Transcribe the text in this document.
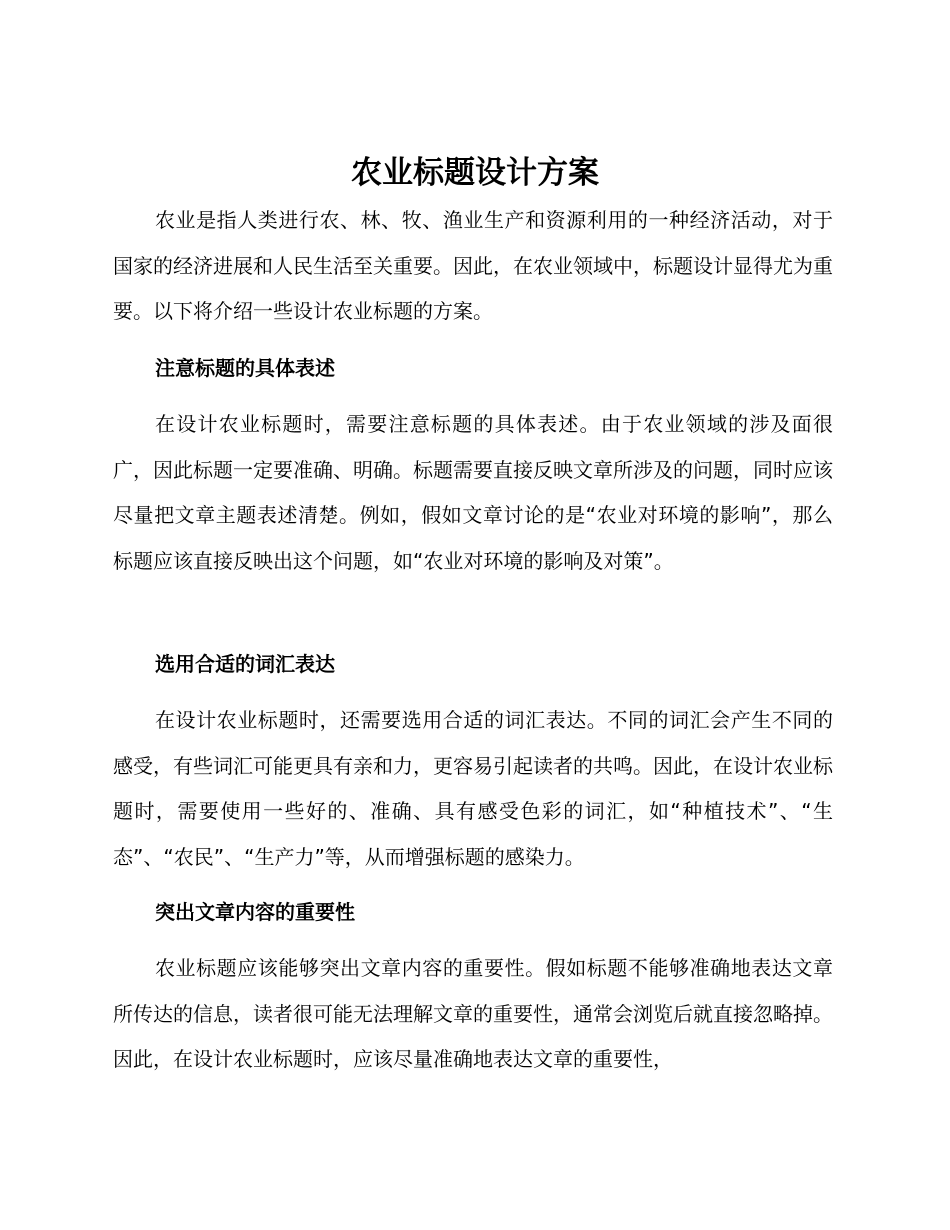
农业标题设计方案

农业是指人类进行农、林、牧、渔业生产和资源利用的一种经济活动，对于国家的经济进展和人民生活至关重要。因此，在农业领域中，标题设计显得尤为重要。以下将介绍一些设计农业标题的方案。

注意标题的具体表述

在设计农业标题时，需要注意标题的具体表述。由于农业领域的涉及面很广，因此标题一定要准确、明确。标题需要直接反映文章所涉及的问题，同时应该尽量把文章主题表述清楚。例如，假如文章讨论的是“农业对环境的影响”，那么标题应该直接反映出这个问题，如“农业对环境的影响及对策”。

选用合适的词汇表达

在设计农业标题时，还需要选用合适的词汇表达。不同的词汇会产生不同的感受，有些词汇可能更具有亲和力，更容易引起读者的共鸣。因此，在设计农业标题时，需要使用一些好的、准确、具有感受色彩的词汇，如“种植技术”、“生态”、“农民”、“生产力”等，从而增强标题的感染力。

突出文章内容的重要性

农业标题应该能够突出文章内容的重要性。假如标题不能够准确地表达文章所传达的信息，读者很可能无法理解文章的重要性，通常会浏览后就直接忽略掉。因此，在设计农业标题时，应该尽量准确地表达文章的重要性，
